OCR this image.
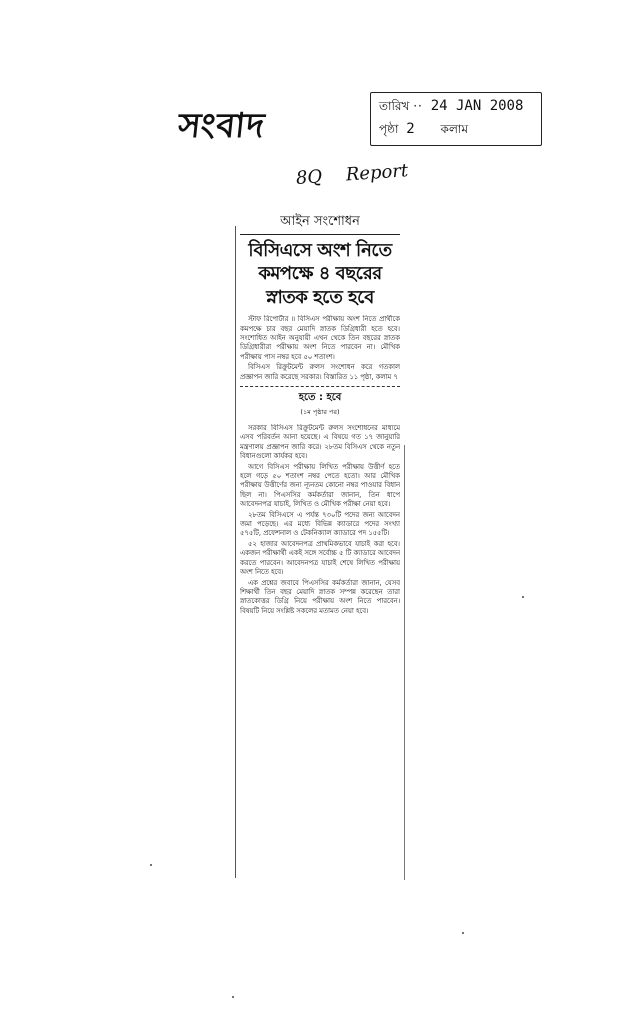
সংবাদ	তারিখ ·· 24 JAN 2008
পৃষ্ঠা 2 কলাম
8Q Report
আইন সংশোধন
বিসিএসে অংশ নিতে
কমপক্ষে ৪ বছরের
স্নাতক হতে হবে

স্টাফ রিপোর্টার ॥ বিসিএস পরীক্ষায় অংশ নিতে প্রার্থীকে কমপক্ষে চার বছর মেয়াদি স্নাতক ডিগ্রিধারী হতে হবে। সংশোধিত আইন অনুযায়ী এখন থেকে তিন বছরের স্নাতক ডিগ্রিধারীরা পরীক্ষায় অংশ নিতে পারবেন না। মৌখিক পরীক্ষায় পাস নম্বর হবে ৫০ শতাংশ।

বিসিএস রিক্রুটমেন্ট রুলস সংশোধন করে গতকাল প্রজ্ঞাপন জারি করেছে সরকার। বিস্তারিত ১১ পৃষ্ঠা, কলাম ৭

হতে : হবে
(১ম পৃষ্ঠার পর)

সরকার বিসিএস রিক্রুটমেন্ট রুলস সংশোধনের মাধ্যমে এসব পরিবর্তন আনা হয়েছে। এ বিষয়ে গত ১৭ জানুয়ারি মন্ত্রণালয় প্রজ্ঞাপন জারি করে। ২৮তম বিসিএস থেকে নতুন বিধানগুলো কার্যকর হবে।

আগে বিসিএস পরীক্ষায় লিখিত পরীক্ষায় উত্তীর্ণ হতে হলে গড়ে ৫০ শতাংশ নম্বর পেতে হতো। আর মৌখিক পরীক্ষায় উত্তীর্ণের জন্য ন্যূনতম কোনো নম্বর পাওয়ার বিধান ছিল না। পিএসসির কর্মকর্তারা জানান, তিন ধাপে আবেদনপত্র যাচাই, লিখিত ও মৌখিক পরীক্ষা নেয়া হবে।

২৮তম বিসিএসে এ পর্যন্ত ৭৩০টি পদের জন্য আবেদন জমা পড়েছে। এর মধ্যে বিভিন্ন ক্যাডারে পদের সংখ্যা ৫৭৫টি, প্রফেশনাল ও টেকনিক্যাল ক্যাডারে পদ ১৫৫টি।

৫২ হাজার আবেদনপত্র প্রাথমিকভাবে যাচাই করা হবে। একজন পরীক্ষার্থী একই সঙ্গে সর্বোচ্চ ৫ টি ক্যাডারে আবেদন করতে পারবেন। আবেদনপত্র যাচাই শেষে লিখিত পরীক্ষায় অংশ নিতে হবে।

এক প্রশ্নের জবাবে পিএসসির কর্মকর্তারা জানান, যেসব শিক্ষার্থী তিন বছর মেয়াদি স্নাতক সম্পন্ন করেছেন তারা স্নাতকোত্তর ডিগ্রি নিয়ে পরীক্ষায় অংশ নিতে পারবেন। বিষয়টি নিয়ে সংশ্লিষ্ট সকলের মতামত নেয়া হবে।
